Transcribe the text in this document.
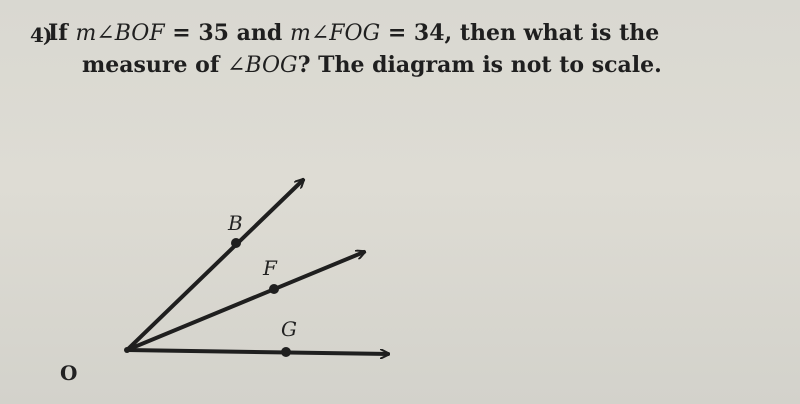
4)
If m∠BOF = 35 and m∠FOG = 34, then what is the
measure of ∠BOG? The diagram is not to scale.
B
F
G
O
